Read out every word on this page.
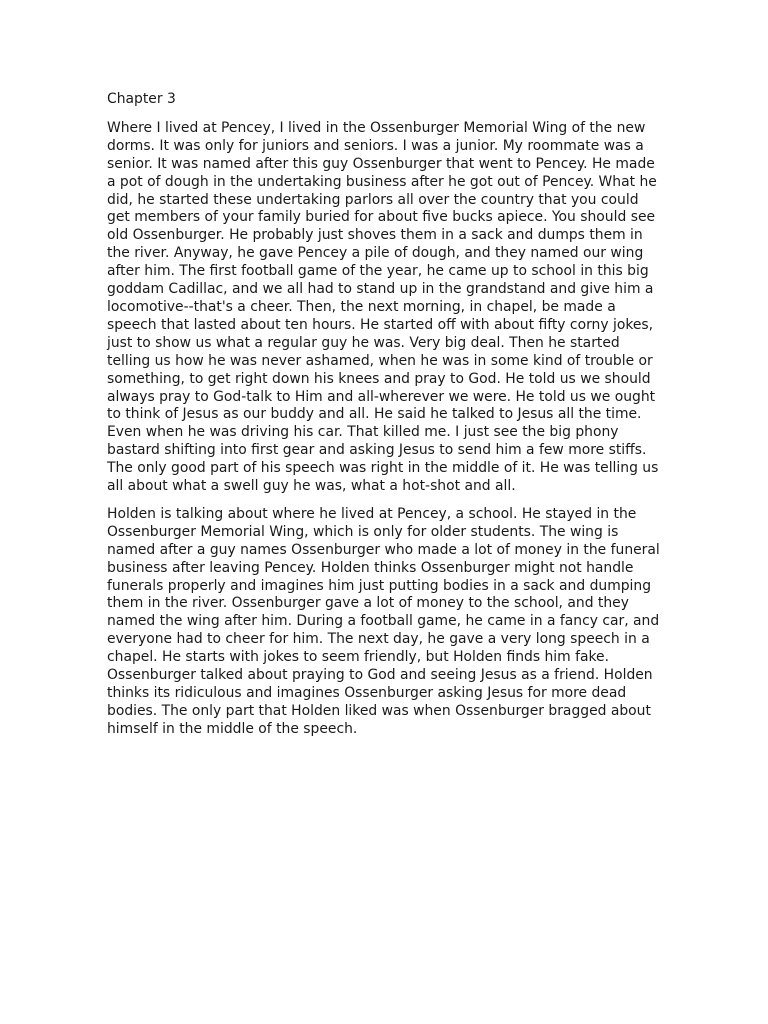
Chapter 3

Where I lived at Pencey, I lived in the Ossenburger Memorial Wing of the new
dorms. It was only for juniors and seniors. I was a junior. My roommate was a
senior. It was named after this guy Ossenburger that went to Pencey. He made
a pot of dough in the undertaking business after he got out of Pencey. What he
did, he started these undertaking parlors all over the country that you could
get members of your family buried for about five bucks apiece. You should see
old Ossenburger. He probably just shoves them in a sack and dumps them in
the river. Anyway, he gave Pencey a pile of dough, and they named our wing
after him. The first football game of the year, he came up to school in this big
goddam Cadillac, and we all had to stand up in the grandstand and give him a
locomotive--that's a cheer. Then, the next morning, in chapel, be made a
speech that lasted about ten hours. He started off with about fifty corny jokes,
just to show us what a regular guy he was. Very big deal. Then he started
telling us how he was never ashamed, when he was in some kind of trouble or
something, to get right down his knees and pray to God. He told us we should
always pray to God-talk to Him and all-wherever we were. He told us we ought
to think of Jesus as our buddy and all. He said he talked to Jesus all the time.
Even when he was driving his car. That killed me. I just see the big phony
bastard shifting into first gear and asking Jesus to send him a few more stiffs.
The only good part of his speech was right in the middle of it. He was telling us
all about what a swell guy he was, what a hot-shot and all.

Holden is talking about where he lived at Pencey, a school. He stayed in the
Ossenburger Memorial Wing, which is only for older students. The wing is
named after a guy names Ossenburger who made a lot of money in the funeral
business after leaving Pencey. Holden thinks Ossenburger might not handle
funerals properly and imagines him just putting bodies in a sack and dumping
them in the river. Ossenburger gave a lot of money to the school, and they
named the wing after him. During a football game, he came in a fancy car, and
everyone had to cheer for him. The next day, he gave a very long speech in a
chapel. He starts with jokes to seem friendly, but Holden finds him fake.
Ossenburger talked about praying to God and seeing Jesus as a friend. Holden
thinks its ridiculous and imagines Ossenburger asking Jesus for more dead
bodies. The only part that Holden liked was when Ossenburger bragged about
himself in the middle of the speech.
